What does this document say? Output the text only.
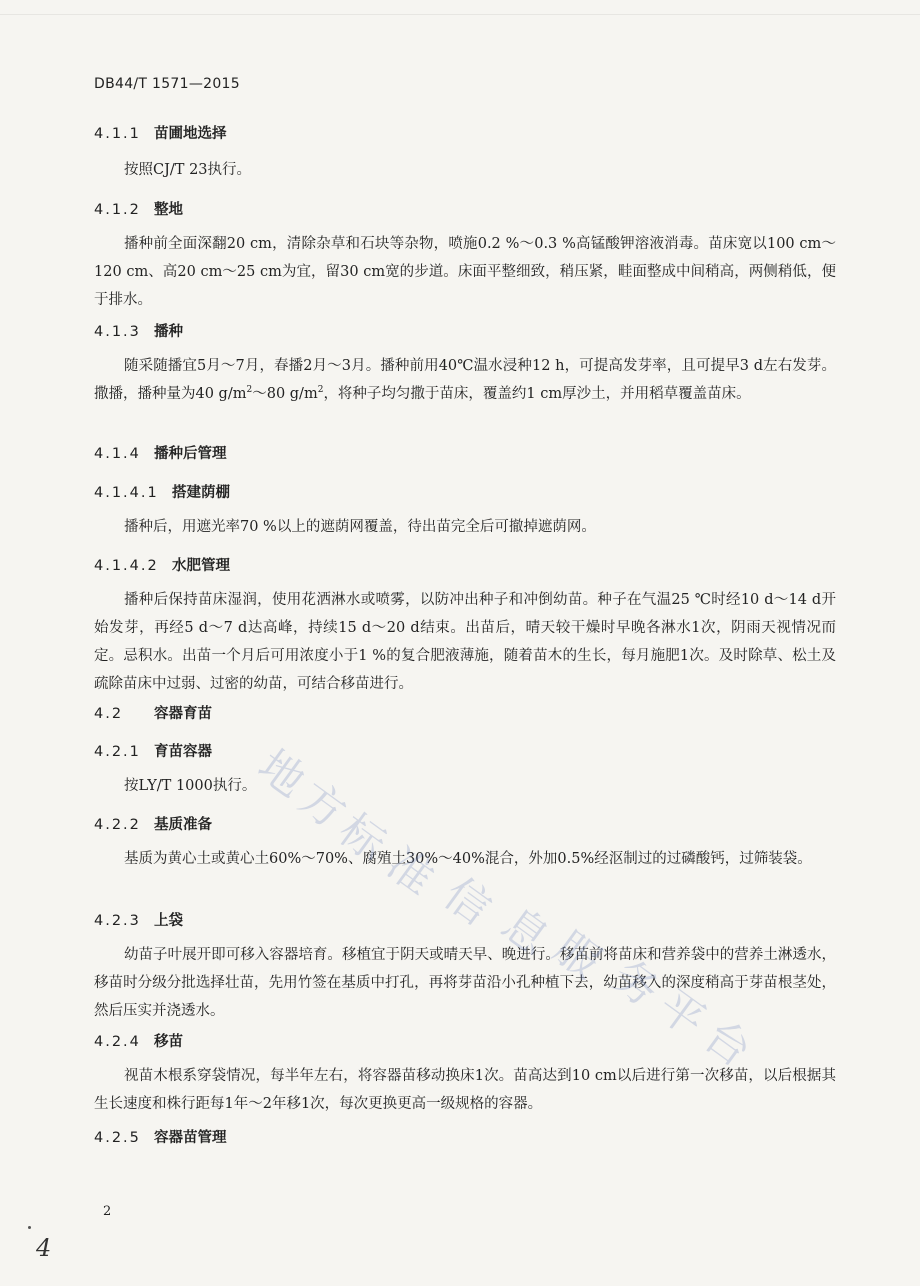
DB44/T 1571—2015
4.1.1 苗圃地选择
按照CJ/T 23执行。
4.1.2 整地
播种前全面深翻20 cm，清除杂草和石块等杂物，喷施0.2 %～0.3 %高锰酸钾溶液消毒。苗床宽以100 cm～120 cm、高20 cm～25 cm为宜，留30 cm宽的步道。床面平整细致，稍压紧，畦面整成中间稍高，两侧稍低，便于排水。
4.1.3 播种
随采随播宜5月～7月，春播2月～3月。播种前用40℃温水浸种12 h，可提高发芽率，且可提早3 d左右发芽。撒播，播种量为40 $g/m^2\sim 80$ $g/m^2$，将种子均匀撒于苗床，覆盖约1 cm厚沙土，并用稻草覆盖苗床。
4.1.4 播种后管理
4.1.4.1 搭建荫棚
播种后，用遮光率70 %以上的遮荫网覆盖，待出苗完全后可撤掉遮荫网。
4.1.4.2 水肥管理
播种后保持苗床湿润，使用花洒淋水或喷雾，以防冲出种子和冲倒幼苗。种子在气温25 ℃时经10 d～14 d开始发芽，再经5 d～7 d达高峰，持续15 d～20 d结束。出苗后，晴天较干燥时早晚各淋水1次，阴雨天视情况而定。忌积水。出苗一个月后可用浓度小于1 %的复合肥液薄施，随着苗木的生长，每月施肥1次。及时除草、松土及疏除苗床中过弱、过密的幼苗，可结合移苗进行。
4.2 容器育苗
4.2.1 育苗容器
按LY/T 1000执行。
4.2.2 基质准备
基质为黄心土或黄心土60%～70%、腐殖土30%～40%混合，外加0.5%经沤制过的过磷酸钙，过筛装袋。
4.2.3 上袋
幼苗子叶展开即可移入容器培育。移植宜于阴天或晴天早、晚进行。移苗前将苗床和营养袋中的营养土淋透水，移苗时分级分批选择壮苗，先用竹签在基质中打孔，再将芽苗沿小孔种植下去，幼苗移入的深度稍高于芽苗根茎处，然后压实并浇透水。
4.2.4 移苗
视苗木根系穿袋情况，每半年左右，将容器苗移动换床1次。苗高达到10 cm以后进行第一次移苗，以后根据其生长速度和株行距每1年～2年移1次，每次更换更高一级规格的容器。
4.2.5 容器苗管理
地
方
标
准
信
息
服
务
平
台
2
4
